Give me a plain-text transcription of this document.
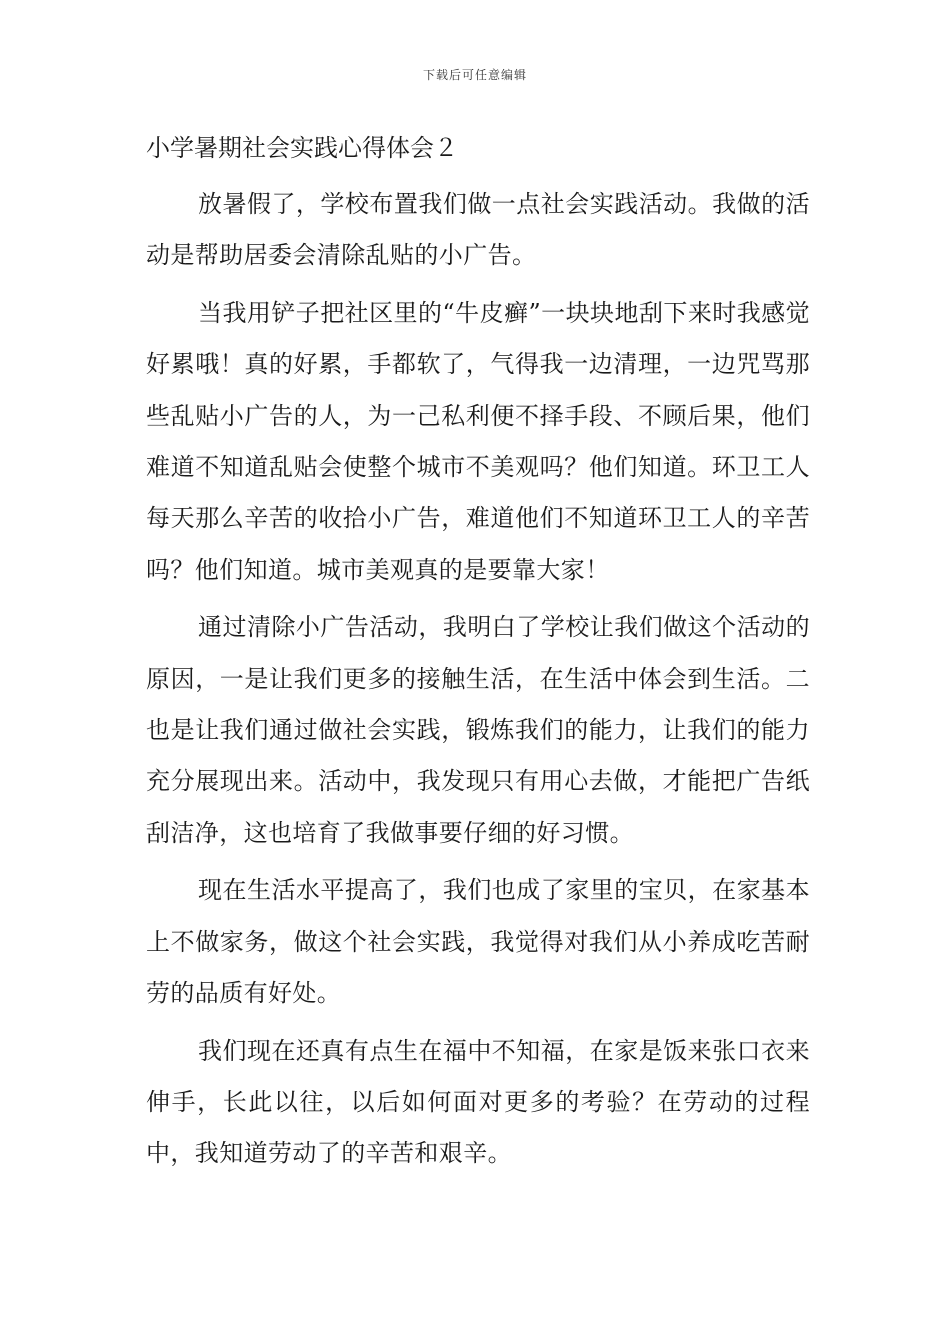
下载后可任意编辑
小学暑期社会实践心得体会２

放暑假了，学校布置我们做一点社会实践活动。我做的活动是帮助居委会清除乱贴的小广告。

当我用铲子把社区里的“牛皮癣”一块块地刮下来时我感觉好累哦！真的好累，手都软了，气得我一边清理，一边咒骂那些乱贴小广告的人，为一己私利便不择手段、不顾后果，他们难道不知道乱贴会使整个城市不美观吗？他们知道。环卫工人每天那么辛苦的收拾小广告，难道他们不知道环卫工人的辛苦吗？他们知道。城市美观真的是要靠大家！

通过清除小广告活动，我明白了学校让我们做这个活动的原因，一是让我们更多的接触生活，在生活中体会到生活。二也是让我们通过做社会实践，锻炼我们的能力，让我们的能力充分展现出来。活动中，我发现只有用心去做，才能把广告纸刮洁净，这也培育了我做事要仔细的好习惯。

现在生活水平提高了，我们也成了家里的宝贝，在家基本上不做家务，做这个社会实践，我觉得对我们从小养成吃苦耐劳的品质有好处。

我们现在还真有点生在福中不知福，在家是饭来张口衣来伸手，长此以往，以后如何面对更多的考验？在劳动的过程中，我知道劳动了的辛苦和艰辛。
